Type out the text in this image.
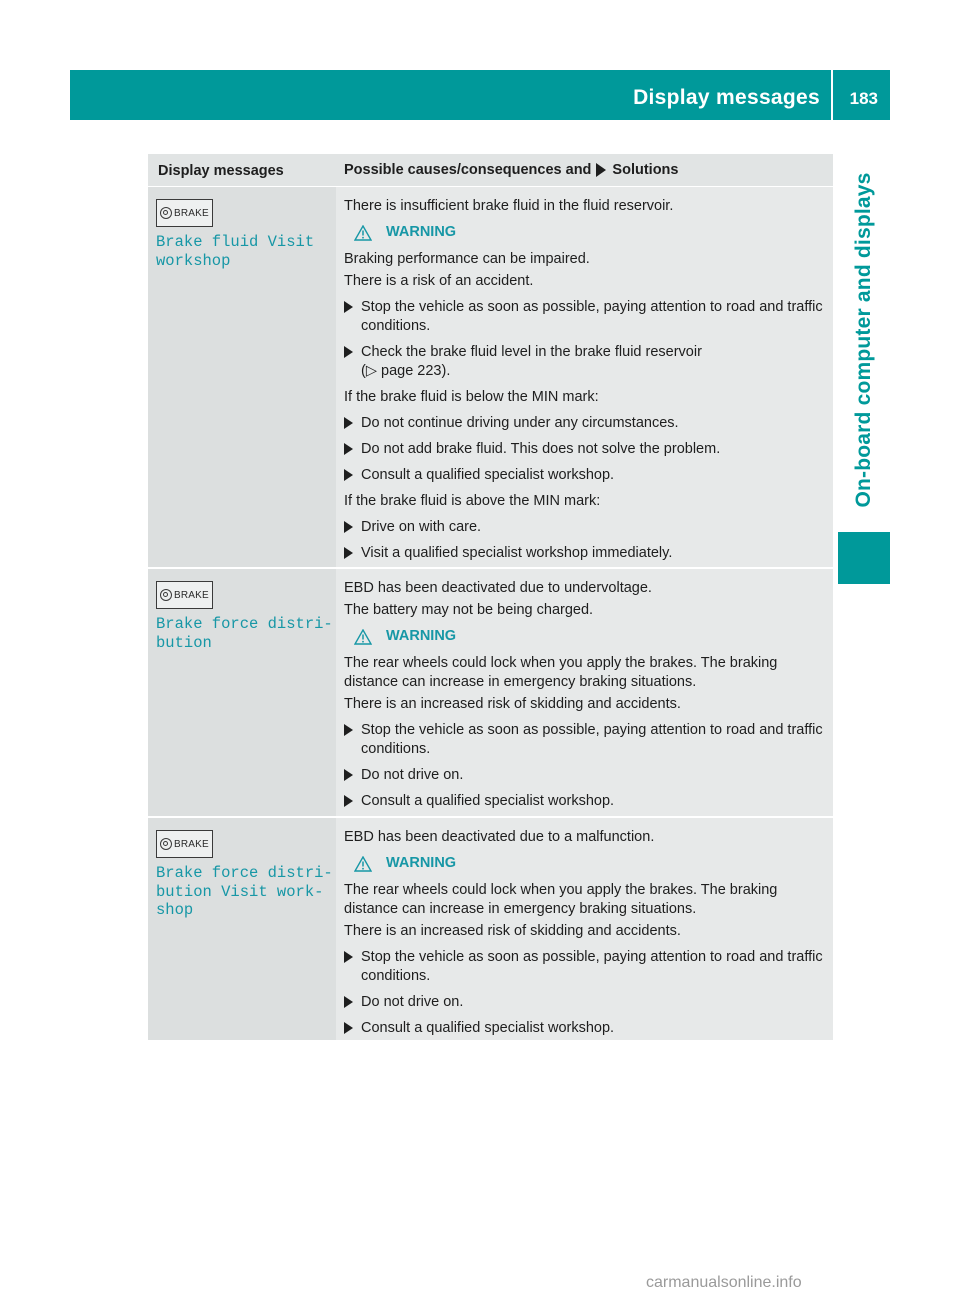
Display messages 183
On-board computer and displays
Display messages	Possible causes/consequences and Solutions
BRAKE
Brake fluid Visit
workshop

There is insufficient brake fluid in the fluid reservoir.

WARNING

Braking performance can be impaired.

There is a risk of an accident.

Stop the vehicle as soon as possible, paying attention to road and traffic conditions.
Check the brake fluid level in the brake fluid reservoir
(▷ page 223).

If the brake fluid is below the MIN mark:

Do not continue driving under any circumstances.
Do not add brake fluid. This does not solve the problem.
Consult a qualified specialist workshop.

If the brake fluid is above the MIN mark:

Drive on with care.
Visit a qualified specialist workshop immediately.
BRAKE
Brake force distri‐
bution

EBD has been deactivated due to undervoltage.

The battery may not be being charged.

WARNING

The rear wheels could lock when you apply the brakes. The braking distance can increase in emergency braking situations.

There is an increased risk of skidding and accidents.

Stop the vehicle as soon as possible, paying attention to road and traffic conditions.
Do not drive on.
Consult a qualified specialist workshop.
BRAKE
Brake force distri‐
bution Visit work‐
shop

EBD has been deactivated due to a malfunction.

WARNING

The rear wheels could lock when you apply the brakes. The braking distance can increase in emergency braking situations.

There is an increased risk of skidding and accidents.

Stop the vehicle as soon as possible, paying attention to road and traffic conditions.
Do not drive on.
Consult a qualified specialist workshop.
carmanualsonline.info
